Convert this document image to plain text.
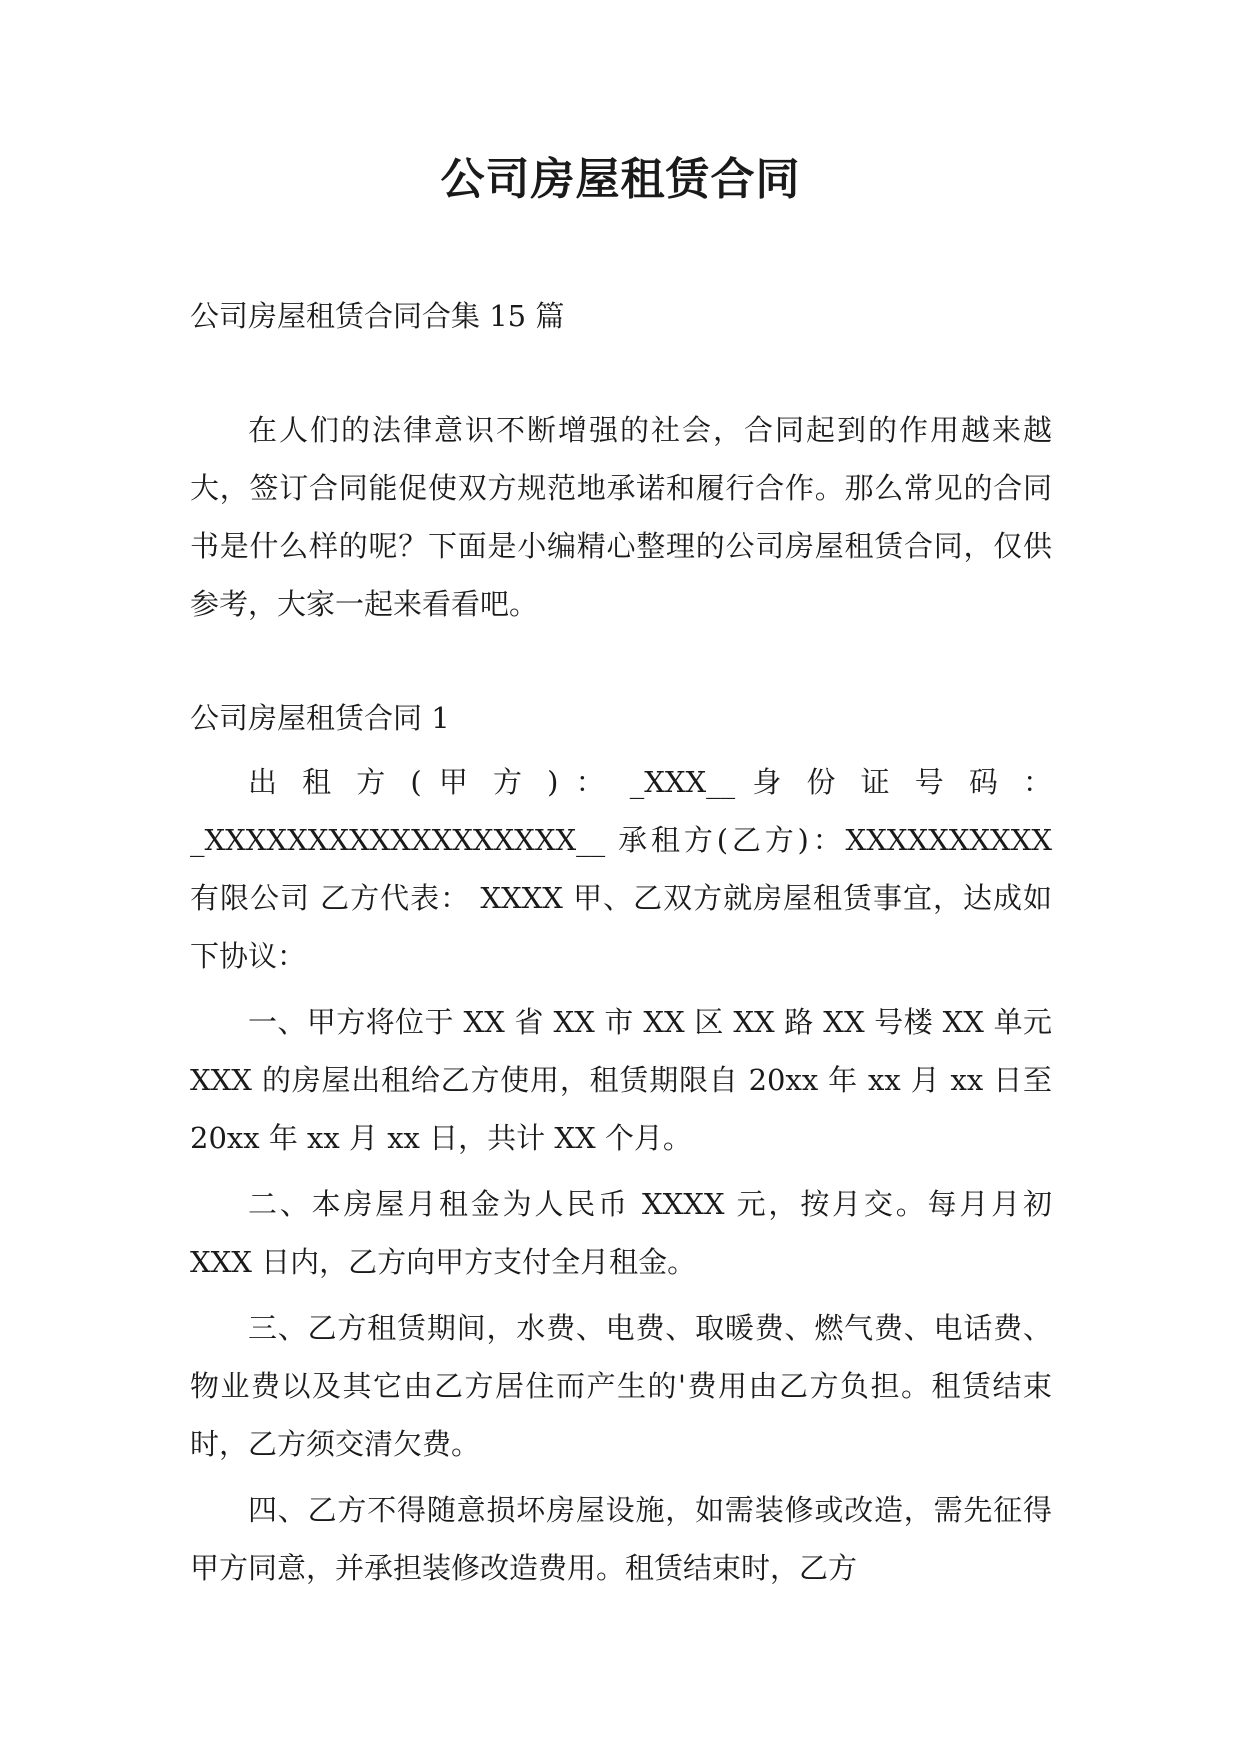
公司房屋租赁合同

公司房屋租赁合同合集 15 篇

在人们的法律意识不断增强的社会，合同起到的作用越来越大，签订合同能促使双方规范地承诺和履行合作。那么常见的合同书是什么样的呢？下面是小编精心整理的公司房屋租赁合同，仅供参考，大家一起来看看吧。

公司房屋租赁合同 1

出 租 方 ( 甲 方 ) ： _XXX__ 身 份 证 号 码 ： _XXXXXXXXXXXXXXXXXX__ 承租方(乙方)：XXXXXXXXXX 有限公司 乙方代表： XXXX 甲、乙双方就房屋租赁事宜，达成如下协议：

一、甲方将位于 XX 省 XX 市 XX 区 XX 路 XX 号楼 XX 单元 XXX 的房屋出租给乙方使用，租赁期限自 20xx 年 xx 月 xx 日至 20xx 年 xx 月 xx 日，共计 XX 个月。

二、本房屋月租金为人民币 XXXX 元，按月交。每月月初 XXX 日内，乙方向甲方支付全月租金。

三、乙方租赁期间，水费、电费、取暖费、燃气费、电话费、物业费以及其它由乙方居住而产生的'费用由乙方负担。租赁结束时，乙方须交清欠费。

四、乙方不得随意损坏房屋设施，如需装修或改造，需先征得甲方同意，并承担装修改造费用。租赁结束时，乙方
